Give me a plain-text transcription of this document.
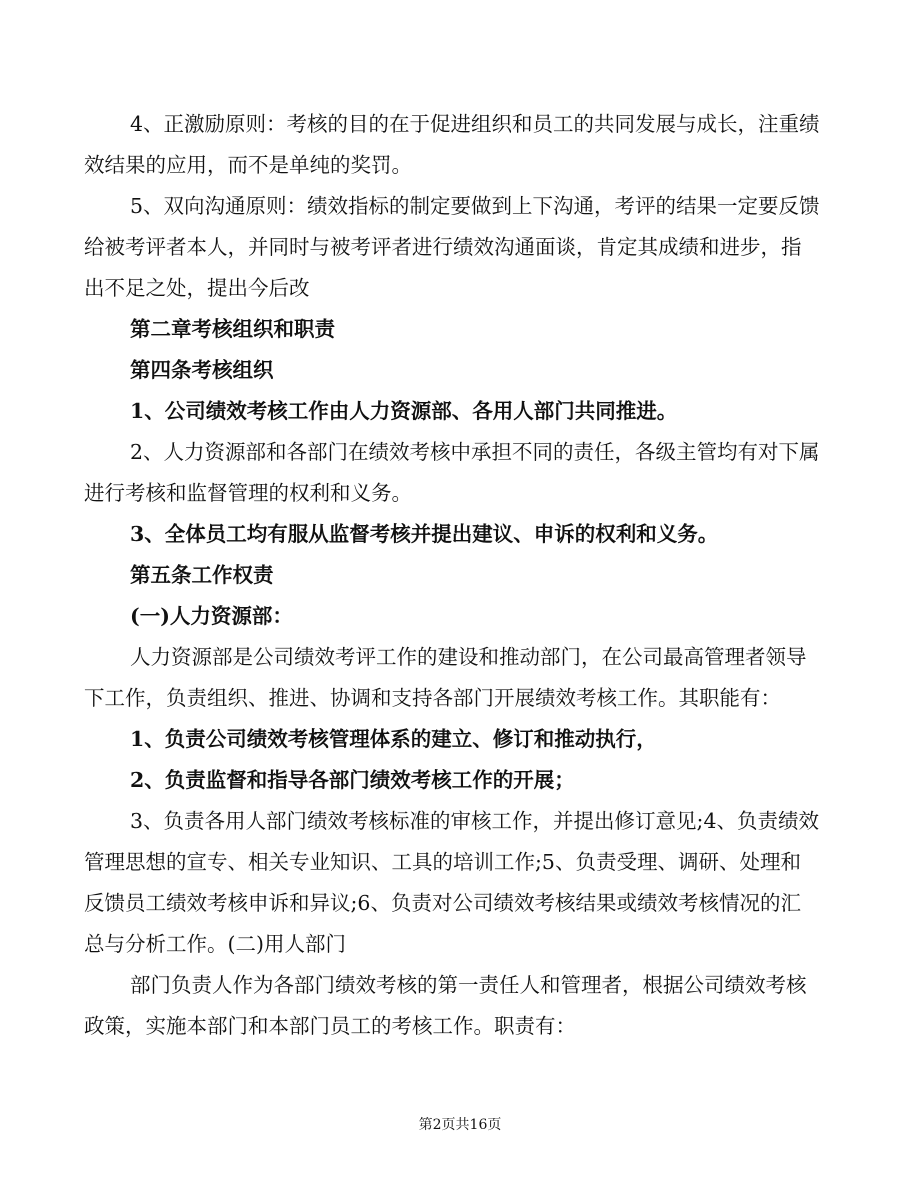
4、正激励原则：考核的目的在于促进组织和员工的共同发展与成长，注重绩
效结果的应用，而不是单纯的奖罚。
5、双向沟通原则：绩效指标的制定要做到上下沟通，考评的结果一定要反馈
给被考评者本人，并同时与被考评者进行绩效沟通面谈，肯定其成绩和进步，指
出不足之处，提出今后改
第二章考核组织和职责
第四条考核组织
1、公司绩效考核工作由人力资源部、各用人部门共同推进。
2、人力资源部和各部门在绩效考核中承担不同的责任，各级主管均有对下属
进行考核和监督管理的权利和义务。
3、全体员工均有服从监督考核并提出建议、申诉的权利和义务。
第五条工作权责
(一)人力资源部：
人力资源部是公司绩效考评工作的建设和推动部门，在公司最高管理者领导
下工作，负责组织、推进、协调和支持各部门开展绩效考核工作。其职能有：
1、负责公司绩效考核管理体系的建立、修订和推动执行，
2、负责监督和指导各部门绩效考核工作的开展；
3、负责各用人部门绩效考核标准的审核工作，并提出修订意见;4、负责绩效
管理思想的宣专、相关专业知识、工具的培训工作;5、负责受理、调研、处理和
反馈员工绩效考核申诉和异议;6、负责对公司绩效考核结果或绩效考核情况的汇
总与分析工作。(二)用人部门
部门负责人作为各部门绩效考核的第一责任人和管理者，根据公司绩效考核
政策，实施本部门和本部门员工的考核工作。职责有：
第2页共16页
